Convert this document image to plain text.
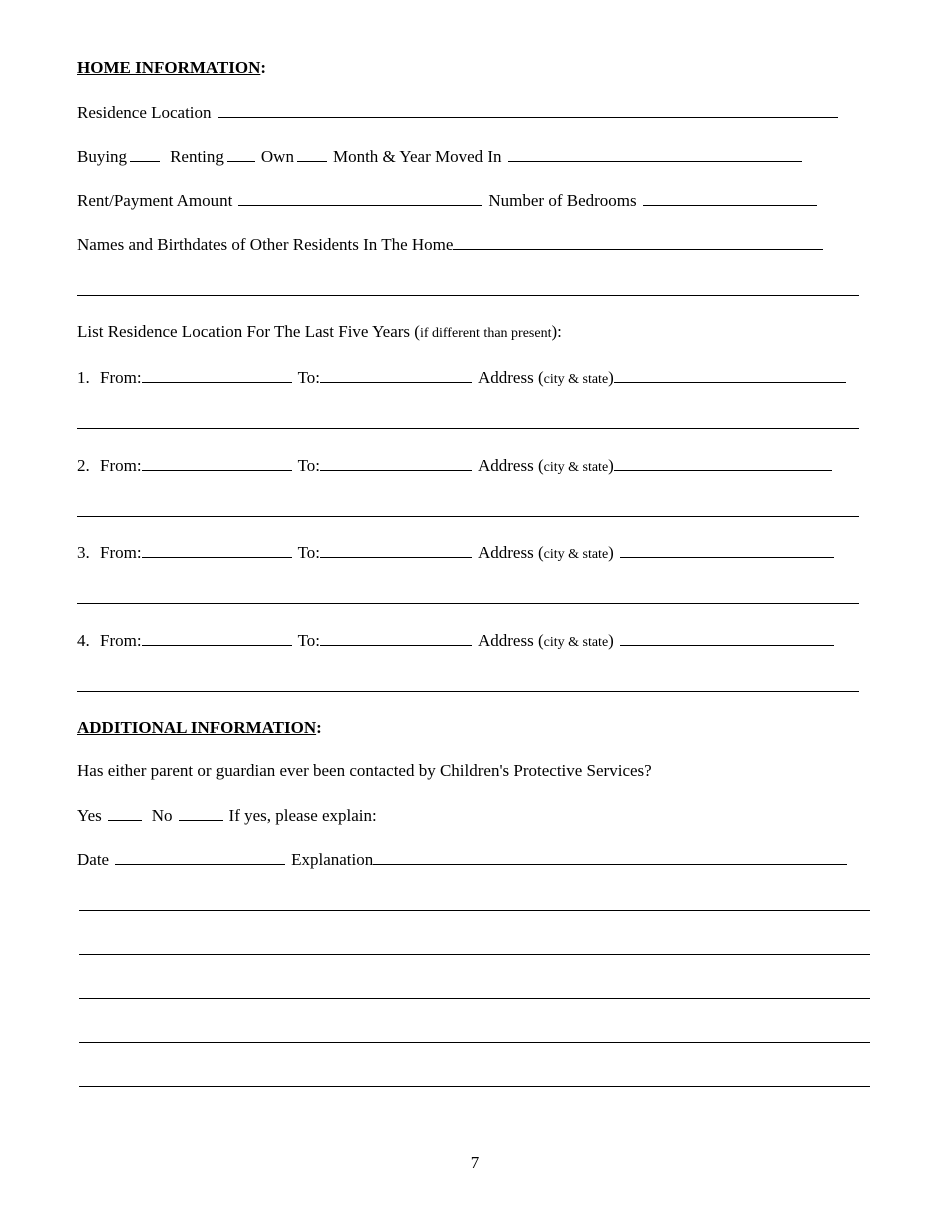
HOME INFORMATION :
Residence Location
Buying	Renting Own Month & Year Moved In
Rent/Payment Amount	Number of Bedrooms
Names and Birthdates of Other Residents In The Home
List Residence Location For The Last Five Years ( if different than present ):
1. From:	To:	Address ( city & state )
2. From:	To:	Address ( city & state )
3. From:	To:	Address ( city & state )
4. From:	To:	Address ( city & state )
ADDITIONAL INFORMATION :
Has either parent or guardian ever been contacted by Children's Protective Services?
Yes	No	If yes, please explain:
Date	Explanation
7
